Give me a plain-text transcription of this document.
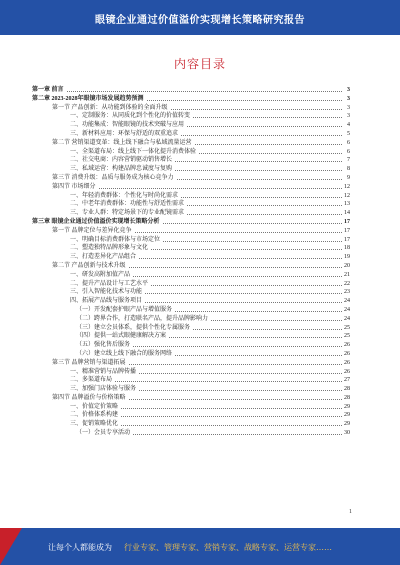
眼镜企业通过价值溢价实现增长策略研究报告
内容目录
第一章 前言	3
第二章 2023-2028年眼镜市场发展趋势预测	3
第一节 产品创新：从功能到体验的全面升级	3
一、定制服务：从同质化到个性化的价值转变	3
二、功能集成：智能眼镜的技术突破与应用	4
三、新材料应用：环保与舒适的双重追求	5
第二节 营销渠道变革：线上线下融合与私域流量运营	6
一、全渠道布局：线上线下一体化提升消费体验	6
二、社交电商：内容营销驱动销售增长	7
三、私域运营：构建品牌忠诚度与复购	8
第三节 消费升级：品质与服务成为核心竞争力	9
第四节 市场细分	12
一、年轻消费群体：个性化与时尚化需求	12
二、中老年消费群体：功能性与舒适性需求	13
三、专业人群：特定场景下的专业配镜需求	14
第三章 眼镜企业通过价值溢价实现增长策略分析	17
第一节 品牌定位与差异化竞争	17
一、明确目标消费群体与市场定位	17
二、塑造独特品牌形象与文化	18
三、打造差异化产品组合	19
第二节 产品创新与技术升级	20
一、研发高附加值产品	21
二、提升产品设计与工艺水平	22
三、引入智能化技术与功能	23
四、拓展产品线与服务项目	24
（一）开发配套护眼产品与增值服务	24
（二）跨界合作，打造联名产品，提升品牌影响力	24
（三）建立会员体系，提供个性化专属服务	25
（四）提供一站式眼健康解决方案	25
（五）强化售后服务	26
（六）建立线上线下融合的服务网络	26
第三节 品牌营销与渠道拓展	26
一、精准营销与品牌传播	26
二、多渠道布局	27
三、加强门店体验与服务	28
第四节 品牌溢价与价格策略	28
一、价值定价策略	29
二、价格体系构建	29
三、促销策略优化	29
（一）会员专享活动	30
1
让每个人都能成为 行业专家、管理专家、营销专家、战略专家、运营专家……
